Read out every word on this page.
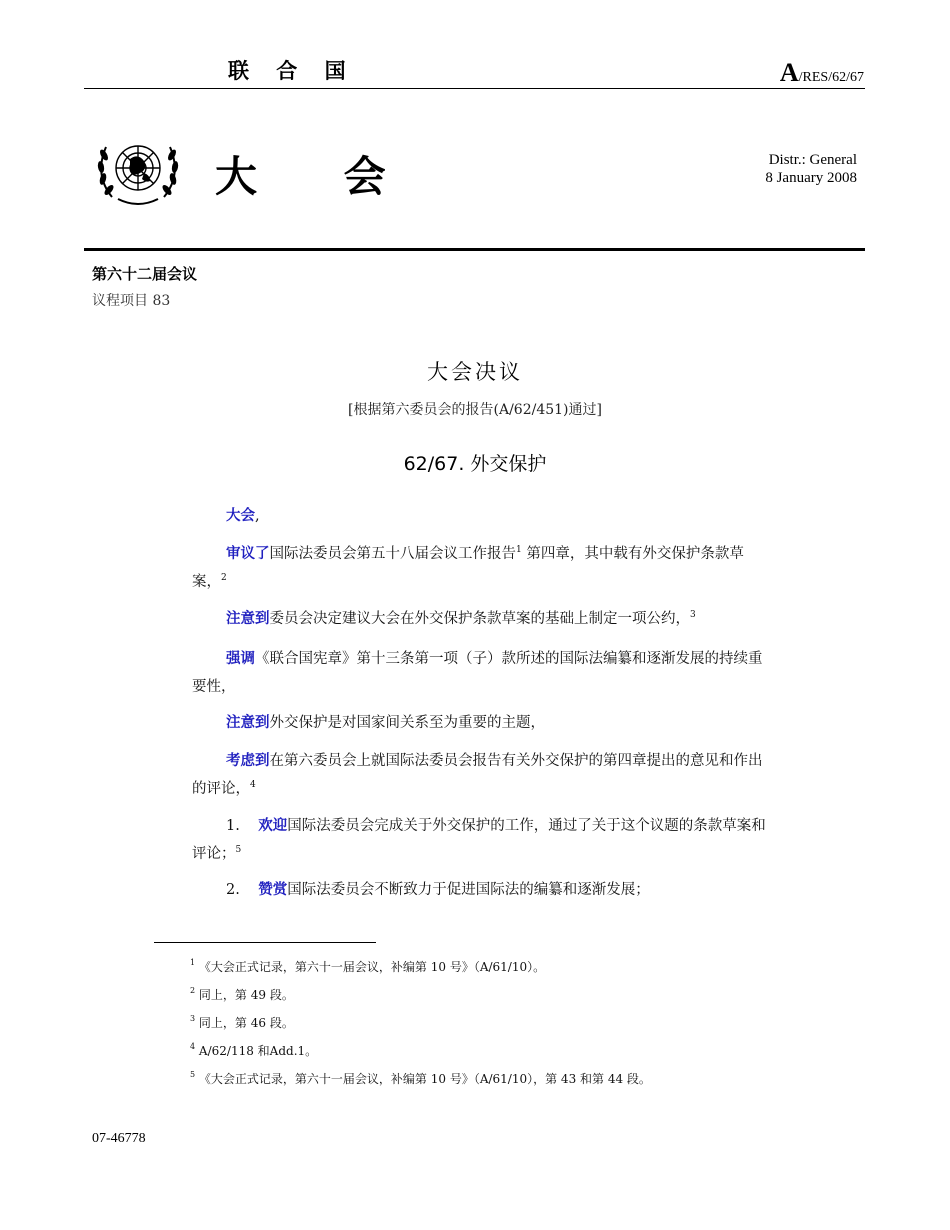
联 合 国	A/RES/62/67
大 会	Distr.: General
8 January 2008
第六十二届会议
议程项目 83
大会决议
[根据第六委员会的报告(A/62/451)通过]
62/67. 外交保护

大会,

审议了国际法委员会第五十八届会议工作报告$^1$ 第四章，其中载有外交保护条款草案，$^2$

注意到委员会决定建议大会在外交保护条款草案的基础上制定一项公约，$^3$

强调《联合国宪章》第十三条第一项（子）款所述的国际法编纂和逐渐发展的持续重要性，

注意到外交保护是对国家间关系至为重要的主题，

考虑到在第六委员会上就国际法委员会报告有关外交保护的第四章提出的意见和作出的评论，$^4$

1. 欢迎国际法委员会完成关于外交保护的工作，通过了关于这个议题的条款草案和评论；$^5$

2. 赞赏国际法委员会不断致力于促进国际法的编纂和逐渐发展；

$^1$ 《大会正式记录，第六十一届会议，补编第 10 号》（A/61/10）。
$^2$ 同上，第 49 段。
$^3$ 同上，第 46 段。
$^4$ A/62/118 和Add.1。
$^5$ 《大会正式记录，第六十一届会议，补编第 10 号》（A/61/10），第 43 和第 44 段。
07-46778
